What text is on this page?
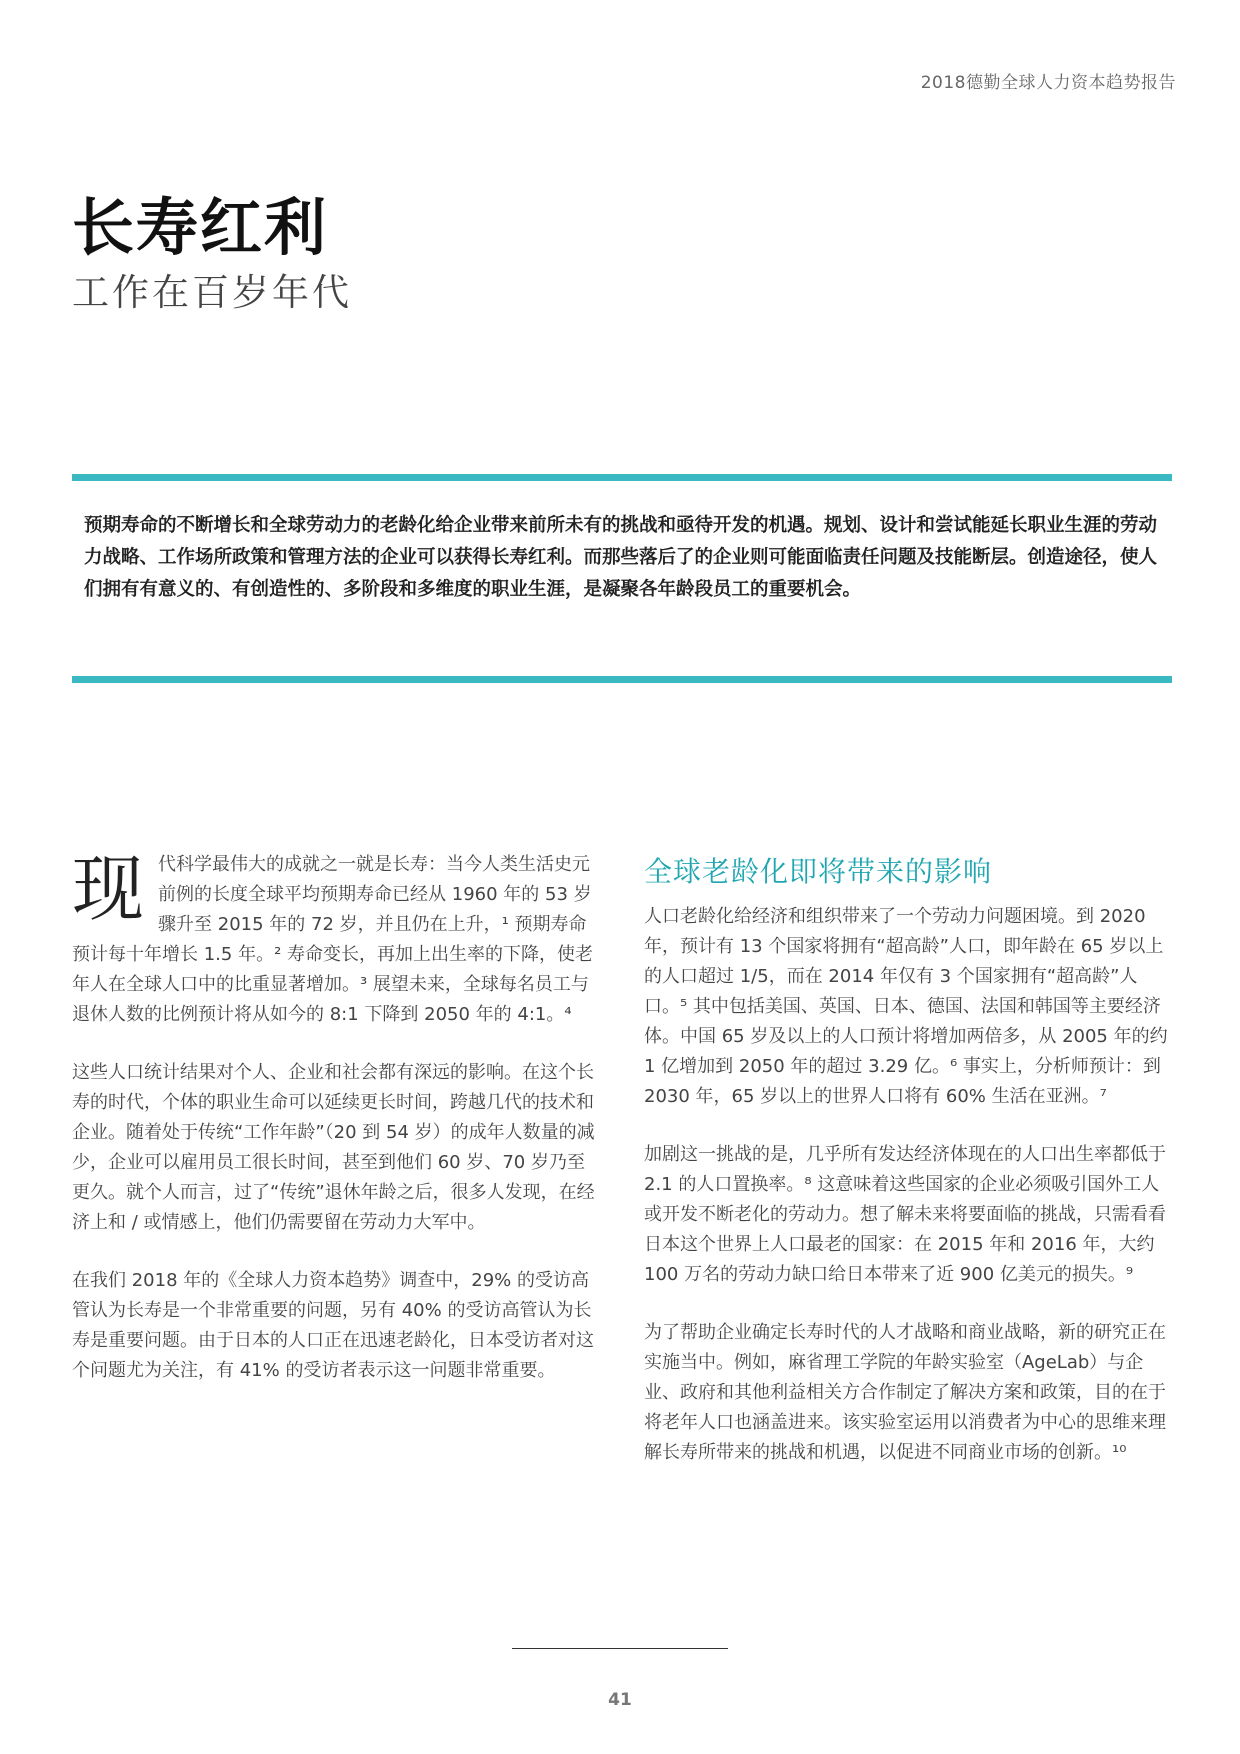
2018德勤全球人力资本趋势报告
长寿红利
工作在百岁年代
预期寿命的不断增长和全球劳动力的老龄化给企业带来前所未有的挑战和亟待开发的机遇。规划、设计和尝试能延长职业生涯的劳动力战略、工作场所政策和管理方法的企业可以获得长寿红利。而那些落后了的企业则可能面临责任问题及技能断层。创造途径，使人们拥有有意义的、有创造性的、多阶段和多维度的职业生涯，是凝聚各年龄段员工的重要机会。

现 代科学最伟大的成就之一就是长寿：当今人类生活史元前例的长度全球平均预期寿命已经从 1960 年的 53 岁骤升至 2015 年的 72 岁，并且仍在上升，¹ 预期寿命预计每十年增长 1.5 年。² 寿命变长，再加上出生率的下降，使老年人在全球人口中的比重显著增加。³ 展望未来，全球每名员工与退休人数的比例预计将从如今的 8:1 下降到 2050 年的 4:1。⁴

这些人口统计结果对个人、企业和社会都有深远的影响。在这个长寿的时代，个体的职业生命可以延续更长时间，跨越几代的技术和企业。随着处于传统“工作年龄”（20 到 54 岁）的成年人数量的减少，企业可以雇用员工很长时间，甚至到他们 60 岁、70 岁乃至更久。就个人而言，过了“传统”退休年龄之后，很多人发现，在经济上和 / 或情感上，他们仍需要留在劳动力大军中。

在我们 2018 年的《全球人力资本趋势》调查中，29% 的受访高管认为长寿是一个非常重要的问题，另有 40% 的受访高管认为长寿是重要问题。由于日本的人口正在迅速老龄化，日本受访者对这个问题尤为关注，有 41% 的受访者表示这一问题非常重要。

全球老龄化即将带来的影响

人口老龄化给经济和组织带来了一个劳动力问题困境。到 2020 年，预计有 13 个国家将拥有“超高龄”人口，即年龄在 65 岁以上的人口超过 1/5，而在 2014 年仅有 3 个国家拥有“超高龄”人口。⁵ 其中包括美国、英国、日本、德国、法国和韩国等主要经济体。中国 65 岁及以上的人口预计将增加两倍多，从 2005 年的约 1 亿增加到 2050 年的超过 3.29 亿。⁶ 事实上，分析师预计：到 2030 年，65 岁以上的世界人口将有 60% 生活在亚洲。⁷

加剧这一挑战的是，几乎所有发达经济体现在的人口出生率都低于 2.1 的人口置换率。⁸ 这意味着这些国家的企业必须吸引国外工人或开发不断老化的劳动力。想了解未来将要面临的挑战，只需看看日本这个世界上人口最老的国家：在 2015 年和 2016 年，大约 100 万名的劳动力缺口给日本带来了近 900 亿美元的损失。⁹

为了帮助企业确定长寿时代的人才战略和商业战略，新的研究正在实施当中。例如，麻省理工学院的年龄实验室（AgeLab）与企业、政府和其他利益相关方合作制定了解决方案和政策，目的在于将老年人口也涵盖进来。该实验室运用以消费者为中心的思维来理解长寿所带来的挑战和机遇，以促进不同商业市场的创新。¹⁰

41
